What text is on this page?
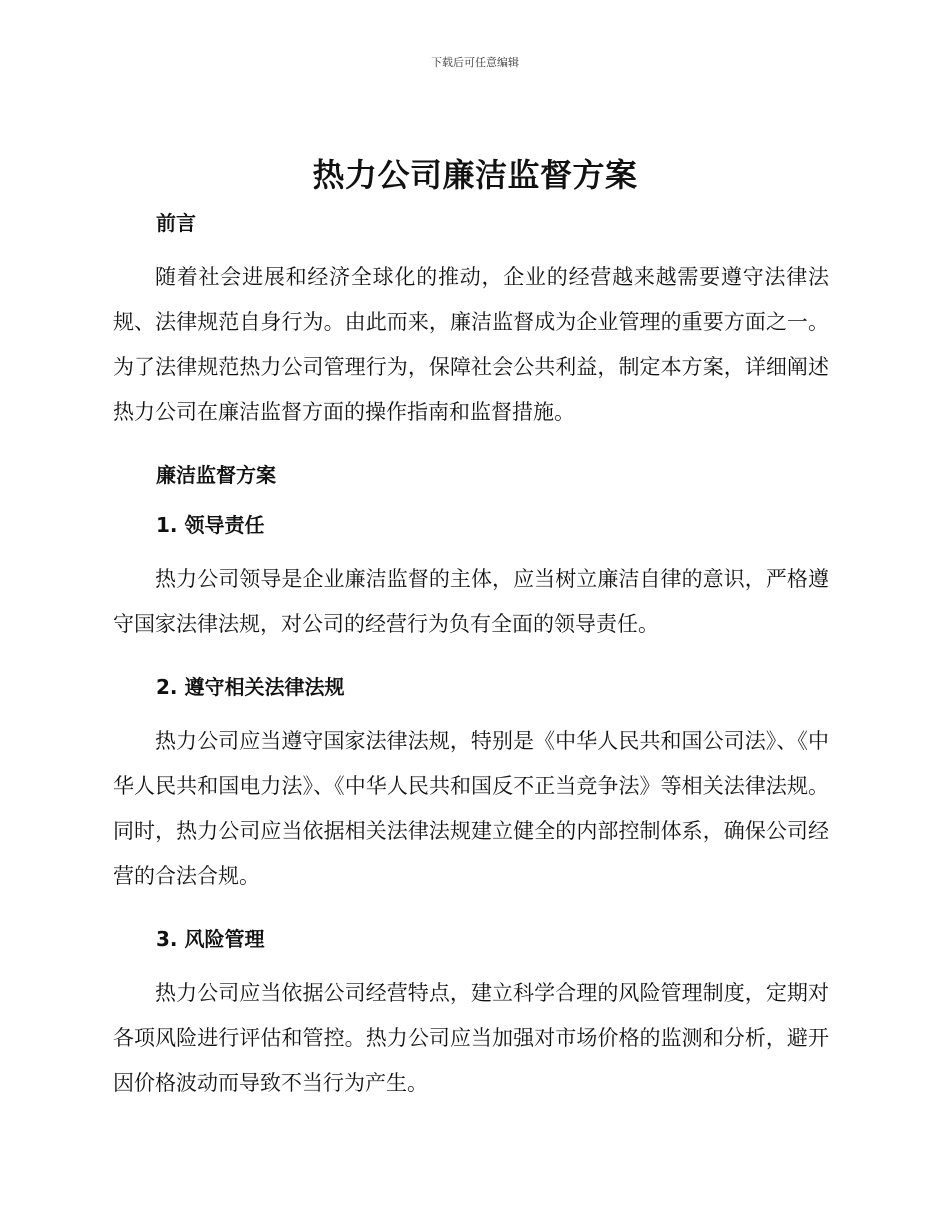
下载后可任意编辑
热力公司廉洁监督方案
前言

随着社会进展和经济全球化的推动，企业的经营越来越需要遵守法律法规、法律规范自身行为。由此而来，廉洁监督成为企业管理的重要方面之一。为了法律规范热力公司管理行为，保障社会公共利益，制定本方案，详细阐述热力公司在廉洁监督方面的操作指南和监督措施。

廉洁监督方案
1. 领导责任

热力公司领导是企业廉洁监督的主体，应当树立廉洁自律的意识，严格遵守国家法律法规，对公司的经营行为负有全面的领导责任。

2. 遵守相关法律法规

热力公司应当遵守国家法律法规，特别是《中华人民共和国公司法》、《中华人民共和国电力法》、《中华人民共和国反不正当竞争法》等相关法律法规。同时，热力公司应当依据相关法律法规建立健全的内部控制体系，确保公司经营的合法合规。

3. 风险管理

热力公司应当依据公司经营特点，建立科学合理的风险管理制度，定期对各项风险进行评估和管控。热力公司应当加强对市场价格的监测和分析，避开因价格波动而导致不当行为产生。
